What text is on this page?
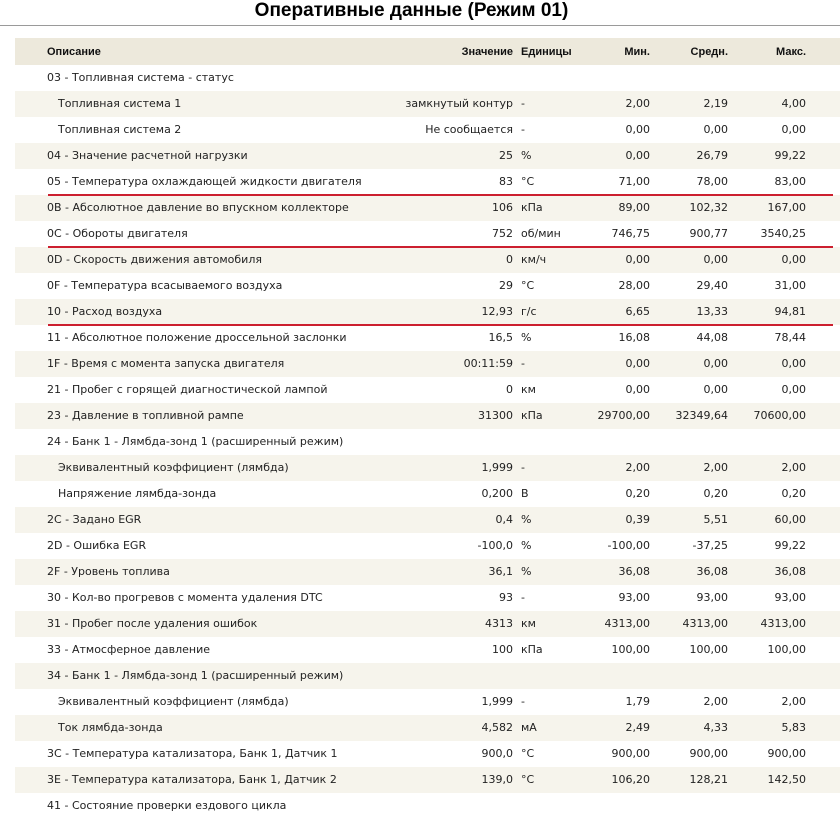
Оперативные данные (Режим 01)
Описание	Значение Единицы	Мин.	Средн.	Макс.
03 - Топливная система - статус
Топливная система 1	замкнутый контур -	2,00	2,19	4,00
Топливная система 2	Не сообщается -	0,00	0,00	0,00
04 - Значение расчетной нагрузки	25 %	0,00	26,79	99,22
05 - Температура охлаждающей жидкости двигателя	83 °C	71,00	78,00	83,00
0B - Абсолютное давление во впускном коллекторе	106 кПа	89,00	102,32	167,00
0C - Обороты двигателя	752 об/мин	746,75	900,77	3540,25
0D - Скорость движения автомобиля	0 км/ч	0,00	0,00	0,00
0F - Температура всасываемого воздуха	29 °C	28,00	29,40	31,00
10 - Расход воздуха	12,93 г/с	6,65	13,33	94,81
11 - Абсолютное положение дроссельной заслонки	16,5 %	16,08	44,08	78,44
1F - Время с момента запуска двигателя	00:11:59 -	0,00	0,00	0,00
21 - Пробег с горящей диагностической лампой	0 км	0,00	0,00	0,00
23 - Давление в топливной рампе	31300 кПа	29700,00 32349,64 70600,00
24 - Банк 1 - Лямбда-зонд 1 (расширенный режим)
Эквивалентный коэффициент (лямбда)	1,999 -	2,00	2,00	2,00
Напряжение лямбда-зонда	0,200 В	0,20	0,20	0,20
2C - Задано EGR	0,4 %	0,39	5,51	60,00
2D - Ошибка EGR	-100,0 %	-100,00	-37,25	99,22
2F - Уровень топлива	36,1 %	36,08	36,08	36,08
30 - Кол-во прогревов с момента удаления DTC	93 -	93,00	93,00	93,00
31 - Пробег после удаления ошибок	4313 км	4313,00	4313,00	4313,00
33 - Атмосферное давление	100 кПа	100,00	100,00	100,00
34 - Банк 1 - Лямбда-зонд 1 (расширенный режим)
Эквивалентный коэффициент (лямбда)	1,999 -	1,79	2,00	2,00
Ток лямбда-зонда	4,582 мА	2,49	4,33	5,83
3C - Температура катализатора, Банк 1, Датчик 1	900,0 °C	900,00	900,00	900,00
3E - Температура катализатора, Банк 1, Датчик 2	139,0 °C	106,20	128,21	142,50
41 - Состояние проверки ездового цикла
